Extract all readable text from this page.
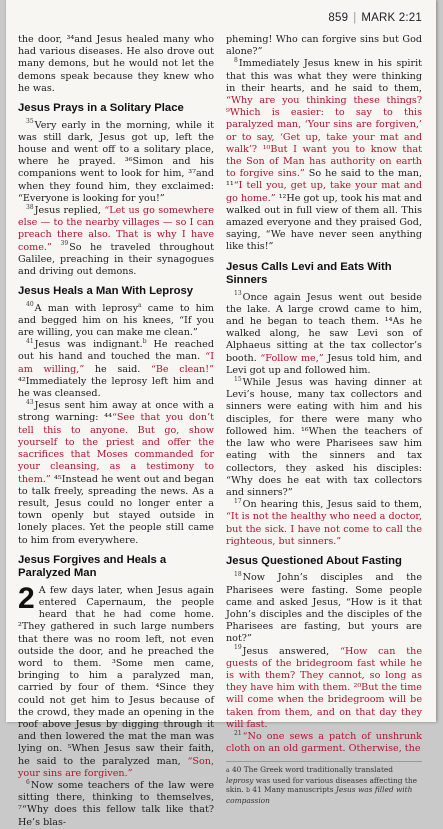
859 | MARK 2:21

the door, ³⁴and Jesus healed many who had various diseases. He also drove out many demons, but he would not let the demons speak because they knew who he was.

Jesus Prays in a Solitary Place

$^{35}$Very early in the morning, while it was still dark, Jesus got up, left the house and went off to a solitary place, where he prayed. ³⁶Simon and his companions went to look for him, ³⁷and when they found him, they exclaimed: “Everyone is looking for you!”

$^{38}$Jesus replied, “Let us go somewhere else — to the nearby villages — so I can preach there also. That is why I have come.” $^{39}$So he traveled throughout Galilee, preaching in their synagogues and driving out demons.

Jesus Heals a Man With Leprosy

$^{40}$A man with leprosy$^a$ came to him and begged him on his knees, “If you are willing, you can make me clean.”

$^{41}$Jesus was indignant.$^b$ He reached out his hand and touched the man. “I am willing,” he said. “Be clean!” ⁴²Immediately the leprosy left him and he was cleansed.

$^{43}$Jesus sent him away at once with a strong warning: ⁴⁴“See that you don’t tell this to anyone. But go, show yourself to the priest and offer the sacrifices that Moses commanded for your cleansing, as a testimony to them.” ⁴⁵Instead he went out and began to talk freely, spreading the news. As a result, Jesus could no longer enter a town openly but stayed outside in lonely places. Yet the people still came to him from everywhere.

Jesus Forgives and Heals a Paralyzed Man

2 A few days later, when Jesus again entered Capernaum, the people heard that he had come home. ²They gathered in such large numbers that there was no room left, not even outside the door, and he preached the word to them. ³Some men came, bringing to him a paralyzed man, carried by four of them. ⁴Since they could not get him to Jesus because of the crowd, they made an opening in the roof above Jesus by digging through it and then lowered the mat the man was lying on. ⁵When Jesus saw their faith, he said to the paralyzed man, “Son, your sins are forgiven.”

$^6$Now some teachers of the law were sitting there, thinking to themselves, ⁷“Why does this fellow talk like that? He’s blas-

pheming! Who can forgive sins but God alone?”

$^8$Immediately Jesus knew in his spirit that this was what they were thinking in their hearts, and he said to them, “Why are you thinking these things? ⁹Which is easier: to say to this paralyzed man, ‘Your sins are forgiven,’ or to say, ‘Get up, take your mat and walk’? ¹⁰But I want you to know that the Son of Man has authority on earth to forgive sins.” So he said to the man, ¹¹“I tell you, get up, take your mat and go home.” ¹²He got up, took his mat and walked out in full view of them all. This amazed everyone and they praised God, saying, “We have never seen anything like this!”

Jesus Calls Levi and Eats With Sinners

$^{13}$Once again Jesus went out beside the lake. A large crowd came to him, and he began to teach them. ¹⁴As he walked along, he saw Levi son of Alphaeus sitting at the tax collector’s booth. “Follow me,” Jesus told him, and Levi got up and followed him.

$^{15}$While Jesus was having dinner at Levi’s house, many tax collectors and sinners were eating with him and his disciples, for there were many who followed him. ¹⁶When the teachers of the law who were Pharisees saw him eating with the sinners and tax collectors, they asked his disciples: “Why does he eat with tax collectors and sinners?”

$^{17}$On hearing this, Jesus said to them, “It is not the healthy who need a doctor, but the sick. I have not come to call the righteous, but sinners.”

Jesus Questioned About Fasting

$^{18}$Now John’s disciples and the Pharisees were fasting. Some people came and asked Jesus, “How is it that John’s disciples and the disciples of the Pharisees are fasting, but yours are not?”

$^{19}$Jesus answered, “How can the guests of the bridegroom fast while he is with them? They cannot, so long as they have him with them. ²⁰But the time will come when the bridegroom will be taken from them, and on that day they will fast.

$^{21}$“No one sews a patch of unshrunk cloth on an old garment. Otherwise, the

a 40 The Greek word traditionally translated leprosy was used for various diseases affecting the skin. b 41 Many manuscripts Jesus was filled with compassion
